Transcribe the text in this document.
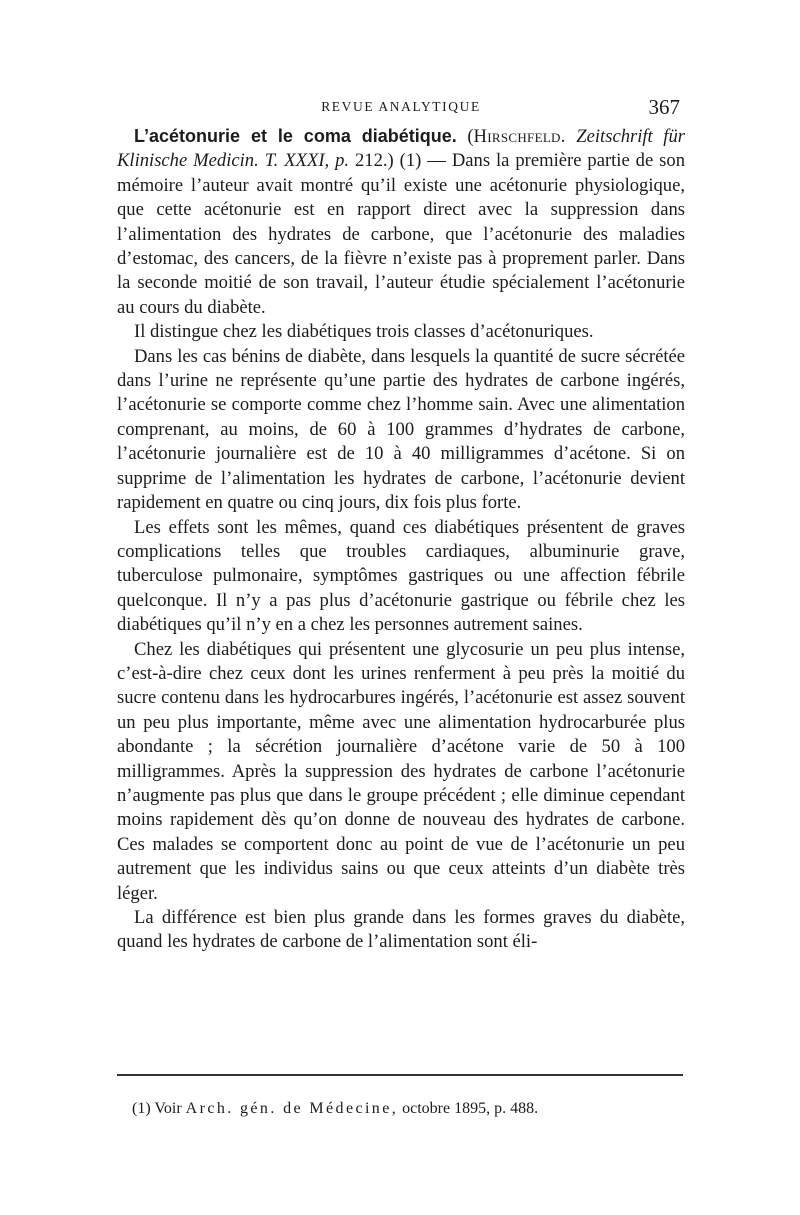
REVUE ANALYTIQUE	367

L’acétonurie et le coma diabétique. (Hirschfeld. Zeitschrift für Klinische Medicin. T. XXXI, p. 212.) (1) — Dans la première partie de son mémoire l’auteur avait montré qu’il existe une acétonurie physiologique, que cette acétonurie est en rapport direct avec la suppression dans l’alimentation des hydrates de carbone, que l’acétonurie des maladies d’estomac, des cancers, de la fièvre n’existe pas à proprement parler. Dans la seconde moitié de son travail, l’auteur étudie spécialement l’acétonurie au cours du diabète.

Il distingue chez les diabétiques trois classes d’acétonuriques.

Dans les cas bénins de diabète, dans lesquels la quantité de sucre sécrétée dans l’urine ne représente qu’une partie des hydrates de carbone ingérés, l’acétonurie se comporte comme chez l’homme sain. Avec une alimentation comprenant, au moins, de 60 à 100 grammes d’hydrates de carbone, l’acétonurie journalière est de 10 à 40 milligrammes d’acétone. Si on supprime de l’alimentation les hydrates de carbone, l’acétonurie devient rapidement en quatre ou cinq jours, dix fois plus forte.

Les effets sont les mêmes, quand ces diabétiques présentent de graves complications telles que troubles cardiaques, albuminurie grave, tuberculose pulmonaire, symptômes gastriques ou une affection fébrile quelconque. Il n’y a pas plus d’acétonurie gastrique ou fébrile chez les diabétiques qu’il n’y en a chez les personnes autrement saines.

Chez les diabétiques qui présentent une glycosurie un peu plus intense, c’est-à-dire chez ceux dont les urines renferment à peu près la moitié du sucre contenu dans les hydrocarbures ingérés, l’acétonurie est assez souvent un peu plus importante, même avec une alimentation hydrocarburée plus abondante ; la sécrétion journalière d’acétone varie de 50 à 100 milligrammes. Après la suppression des hydrates de carbone l’acétonurie n’augmente pas plus que dans le groupe précédent ; elle diminue cependant moins rapidement dès qu’on donne de nouveau des hydrates de carbone. Ces malades se comportent donc au point de vue de l’acétonurie un peu autrement que les individus sains ou que ceux atteints d’un diabète très léger.

La différence est bien plus grande dans les formes graves du diabète, quand les hydrates de carbone de l’alimentation sont éli-

(1) Voir Arch. gén. de Médecine, octobre 1895, p. 488.
